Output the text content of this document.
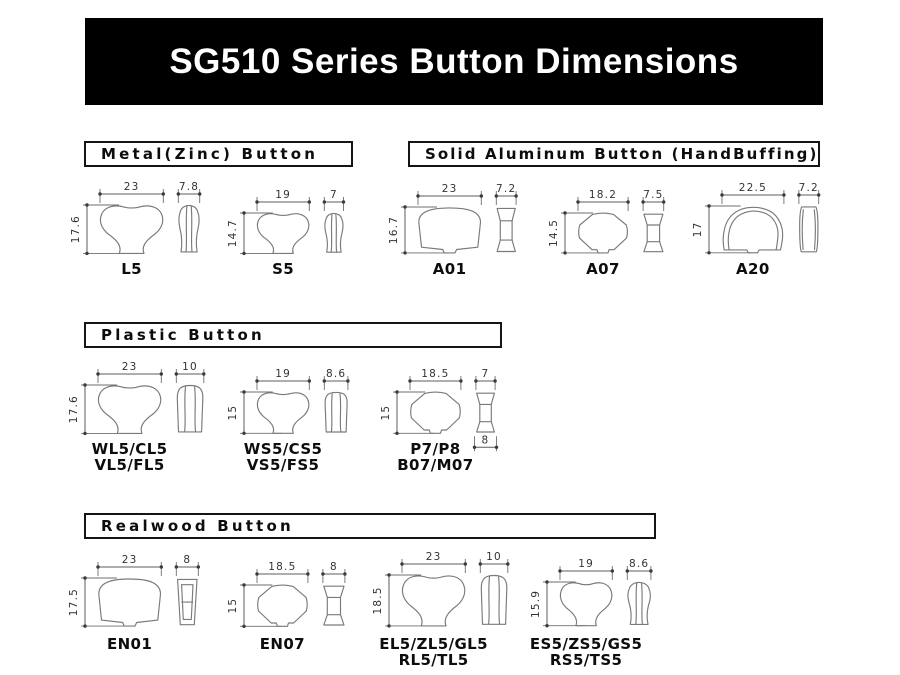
SG510 Series Button Dimensions
Metal(Zinc) Button	Solid Aluminum Button (HandBuffing)
Plastic Button
Realwood Button
23
17.6
7.8
L5
19
14.7
7
S5
23
16.7
7.2
A01
18.2
14.5
7.5
A07
22.5
17
7.2
A20
23
17.6
10
WL5/CL5
VL5/FL5
19
15
8.6
WS5/CS5
VS5/FS5
18.5
15
7
8
P7/P8
B07/M07
23
17.5
8
EN01
18.5
15
8
EN07
23
18.5
10
EL5/ZL5/GL5
RL5/TL5
19
15.9
8.6
ES5/ZS5/GS5
RS5/TS5
